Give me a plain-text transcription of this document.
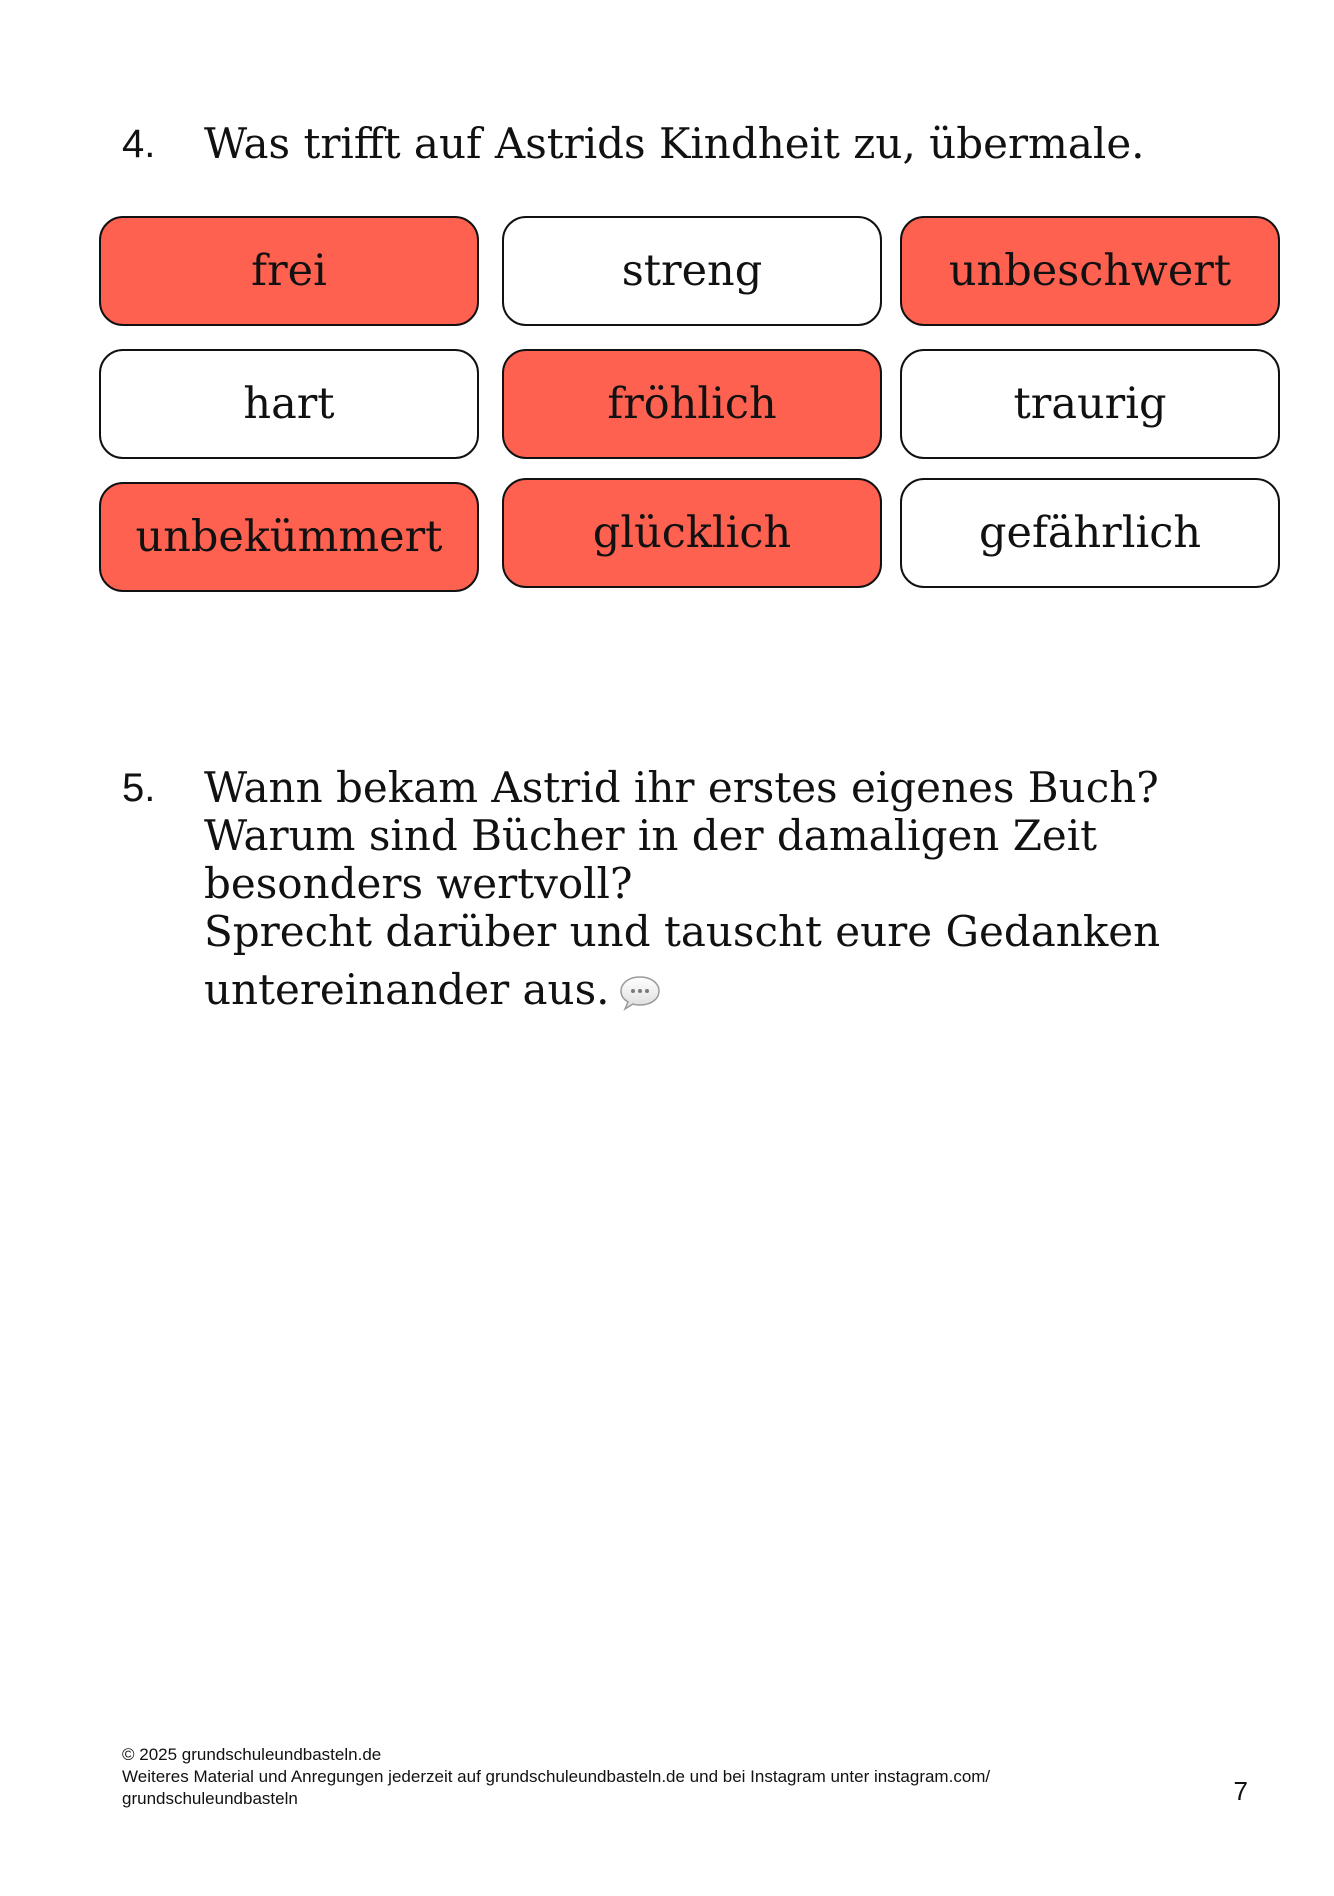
4.	Was trifft auf Astrids Kindheit zu, übermale.
frei	streng	unbeschwert
hart	fröhlich	traurig
unbekümmert	glücklich	gefährlich
5.	Wann bekam Astrid ihr erstes eigenes Buch?
Warum sind Bücher in der damaligen Zeit
besonders wertvoll?
Sprecht darüber und tauscht eure Gedanken
untereinander aus.
© 2025 grundschuleundbasteln.de
Weiteres Material und Anregungen jederzeit auf grundschuleundbasteln.de und bei Instagram unter instagram.com/
grundschuleundbasteln	7
